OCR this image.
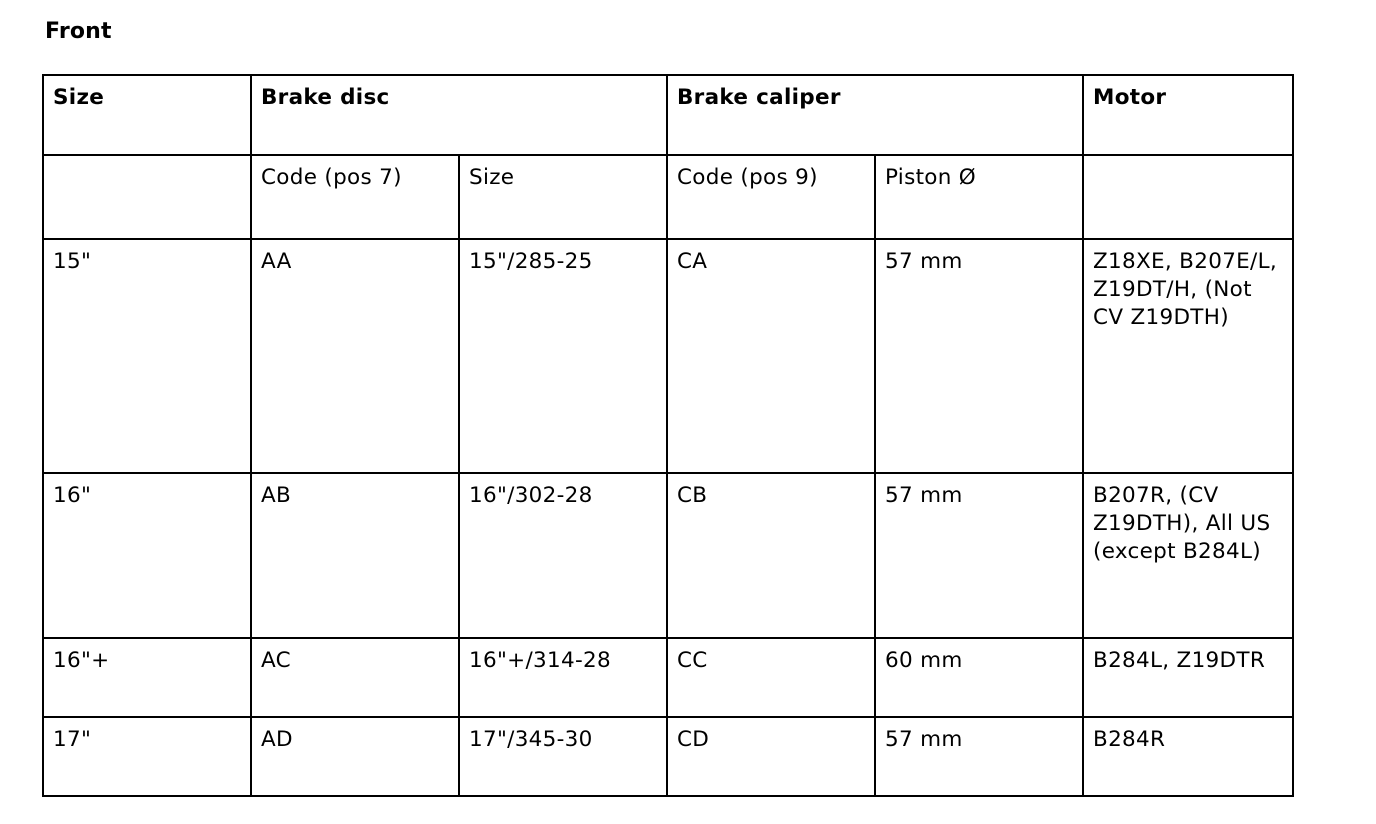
Front
Size	Brake disc		Brake caliper		Motor
	Code (pos 7)	Size	Code (pos 9)	Piston Ø	
15"	AA	15"/285-25	CA	57 mm	Z18XE, B207E/L, Z19DT/H, (Not CV Z19DTH)
16"	AB	16"/302-28	CB	57 mm	B207R, (CV Z19DTH), All US (except B284L)
16"+	AC	16"+/314-28	CC	60 mm	B284L, Z19DTR
17"	AD	17"/345-30	CD	57 mm	B284R
